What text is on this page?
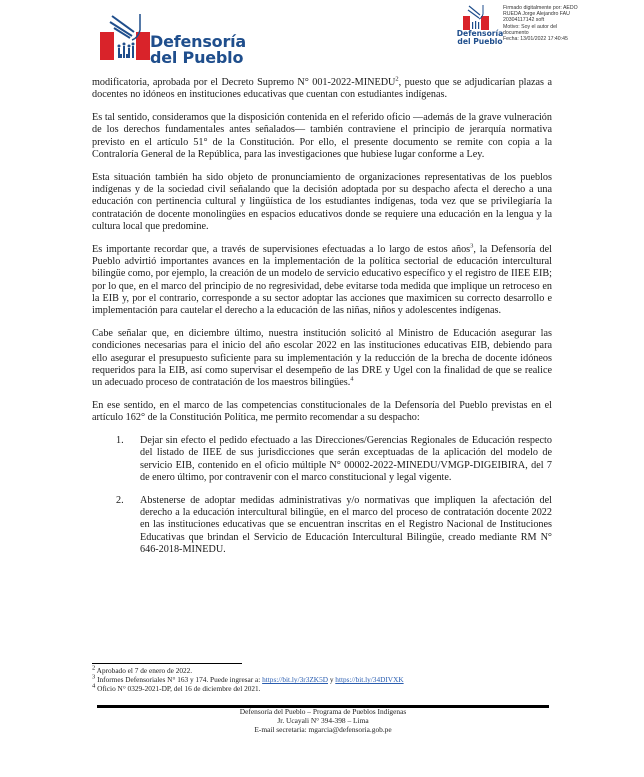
Defensoría
del Pueblo
Defensoría
del Pueblo
Firmado digitalmente por: AEDO
RUEDA Jorge Alejandro FAU
20304117142 soft
Motivo: Soy el autor del
documento
Fecha: 13/01/2022 17:40:45

modificatoria, aprobada por el Decreto Supremo N° 001-2022-MINEDU$^2$, puesto que se adjudicarían plazas a docentes no idóneos en instituciones educativas que cuentan con estudiantes indígenas.

Es tal sentido, consideramos que la disposición contenida en el referido oficio —además de la grave vulneración de los derechos fundamentales antes señalados— también contraviene el principio de jerarquía normativa previsto en el artículo 51° de la Constitución. Por ello, el presente documento se remite con copia a la Contraloría General de la República, para las investigaciones que hubiese lugar conforme a Ley.

Esta situación también ha sido objeto de pronunciamiento de organizaciones representativas de los pueblos indígenas y de la sociedad civil señalando que la decisión adoptada por su despacho afecta el derecho a una educación con pertinencia cultural y lingüística de los estudiantes indígenas, toda vez que se privilegiaría la contratación de docente monolingües en espacios educativos donde se requiere una educación en la lengua y la cultura local que predomine.

Es importante recordar que, a través de supervisiones efectuadas a lo largo de estos años$^3$, la Defensoría del Pueblo advirtió importantes avances en la implementación de la política sectorial de educación intercultural bilingüe como, por ejemplo, la creación de un modelo de servicio educativo específico y el registro de IIEE EIB; por lo que, en el marco del principio de no regresividad, debe evitarse toda medida que implique un retroceso en la EIB y, por el contrario, corresponde a su sector adoptar las acciones que maximicen su correcto desarrollo e implementación para cautelar el derecho a la educación de las niñas, niños y adolescentes indígenas.

Cabe señalar que, en diciembre último, nuestra institución solicitó al Ministro de Educación asegurar las condiciones necesarias para el inicio del año escolar 2022 en las instituciones educativas EIB, debiendo para ello asegurar el presupuesto suficiente para su implementación y la reducción de la brecha de docente idóneos requeridos para la EIB, así como supervisar el desempeño de las DRE y Ugel con la finalidad de que se realice un adecuado proceso de contratación de los maestros bilingües.$^4$

En ese sentido, en el marco de las competencias constitucionales de la Defensoría del Pueblo previstas en el artículo 162° de la Constitución Política, me permito recomendar a su despacho:

1. Dejar sin efecto el pedido efectuado a las Direcciones/Gerencias Regionales de Educación respecto del listado de IIEE de sus jurisdicciones que serán exceptuadas de la aplicación del modelo de servicio EIB, contenido en el oficio múltiple N° 00002-2022-MINEDU/VMGP-DIGEIBIRA, del 7 de enero último, por contravenir con el marco constitucional y legal vigente.
2. Abstenerse de adoptar medidas administrativas y/o normativas que impliquen la afectación del derecho a la educación intercultural bilingüe, en el marco del proceso de contratación docente 2022 en las instituciones educativas que se encuentran inscritas en el Registro Nacional de Instituciones Educativas que brindan el Servicio de Educación Intercultural Bilingüe, creado mediante RM N° 646-2018-MINEDU.
$^2$ Aprobado el 7 de enero de 2022.
$^3$ Informes Defensoriales N° 163 y 174. Puede ingresar a: https://bit.ly/3r3ZK5D y https://bit.ly/34DIVXK
$^4$ Oficio N° 0329-2021-DP, del 16 de diciembre del 2021.
Defensoría del Pueblo – Programa de Pueblos Indígenas
Jr. Ucayali N° 394-398 – Lima
E-mail secretaria: mgarcia@defensoria.gob.pe
